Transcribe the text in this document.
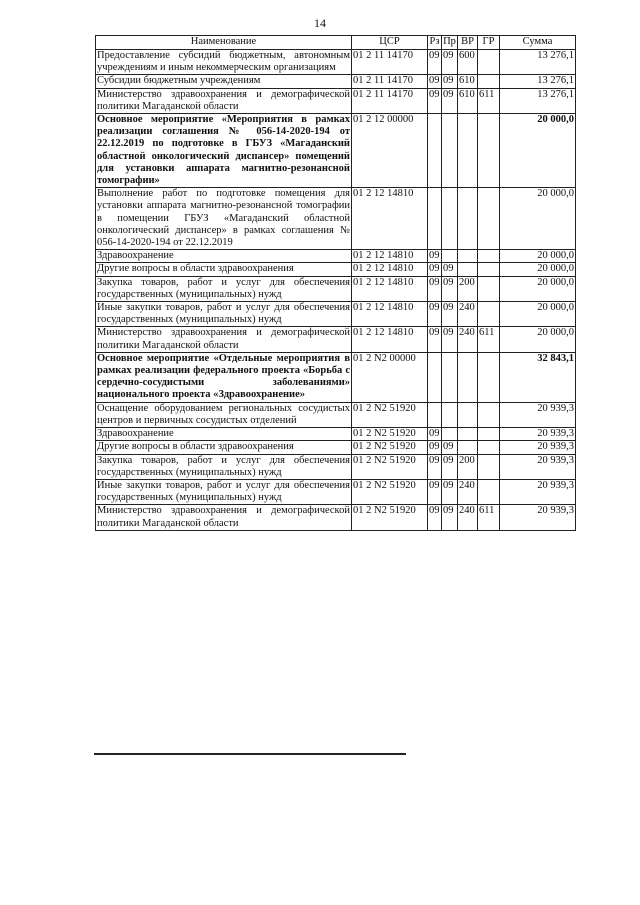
14
Наименование	ЦСР	Рз	Пр	ВР	ГР	Сумма
Предоставление субсидий бюджетным, автономным учреждениям и иным некоммерческим организациям	01 2 11 14170	09	09	600		13 276,1
Субсидии бюджетным учреждениям	01 2 11 14170	09	09	610		13 276,1
Министерство здравоохранения и демографической политики Магаданской области	01 2 11 14170	09	09	610	611	13 276,1
Основное мероприятие «Мероприятия в рамках реализации соглашения № 056-14-2020-194 от 22.12.2019 по подготовке в ГБУЗ «Магаданский областной онкологический диспансер» помещений для установки аппарата магнитно-резонансной томографии»	01 2 12 00000					20 000,0
Выполнение работ по подготовке помещения для установки аппарата магнитно-резонансной томографии в помещении ГБУЗ «Магаданский областной онкологический диспансер» в рамках соглашения № 056-14-2020-194 от 22.12.2019	01 2 12 14810					20 000,0
Здравоохранение	01 2 12 14810	09				20 000,0
Другие вопросы в области здравоохранения	01 2 12 14810	09	09			20 000,0
Закупка товаров, работ и услуг для обеспечения государственных (муниципальных) нужд	01 2 12 14810	09	09	200		20 000,0
Иные закупки товаров, работ и услуг для обеспечения государственных (муниципальных) нужд	01 2 12 14810	09	09	240		20 000,0
Министерство здравоохранения и демографической политики Магаданской области	01 2 12 14810	09	09	240	611	20 000,0
Основное мероприятие «Отдельные мероприятия в рамках реализации федерального проекта «Борьба с сердечно-сосудистыми заболеваниями» национального проекта «Здравоохранение»	01 2 N2 00000					32 843,1
Оснащение оборудованием региональных сосудистых центров и первичных сосудистых отделений	01 2 N2 51920					20 939,3
Здравоохранение	01 2 N2 51920	09				20 939,3
Другие вопросы в области здравоохранения	01 2 N2 51920	09	09			20 939,3
Закупка товаров, работ и услуг для обеспечения государственных (муниципальных) нужд	01 2 N2 51920	09	09	200		20 939,3
Иные закупки товаров, работ и услуг для обеспечения государственных (муниципальных) нужд	01 2 N2 51920	09	09	240		20 939,3
Министерство здравоохранения и демографической политики Магаданской области	01 2 N2 51920	09	09	240	611	20 939,3
